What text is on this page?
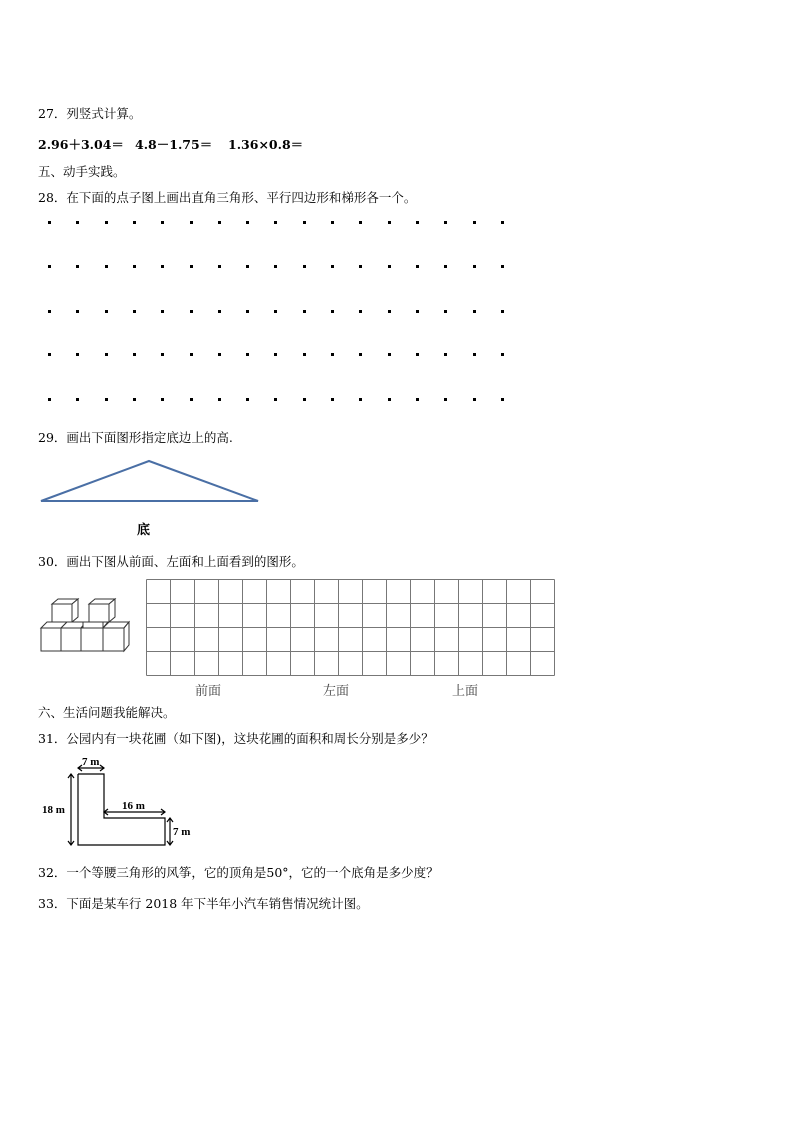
27．列竖式计算。
2.96＋3.04＝ 4.8－1.75＝ 1.36×0.8＝
五、动手实践。
28．在下面的点子图上画出直角三角形、平行四边形和梯形各一个。
29．画出下面图形指定底边上的高.
底
30．画出下图从前面、左面和上面看到的图形。
前面	左面	上面
六、生活问题我能解决。
31．公园内有一块花圃（如下图)，这块花圃的面积和周长分别是多少？
7 m
18 m	16 m
7 m
32．一个等腰三角形的风筝，它的顶角是50°，它的一个底角是多少度？
33．下面是某车行 2018 年下半年小汽车销售情况统计图。
